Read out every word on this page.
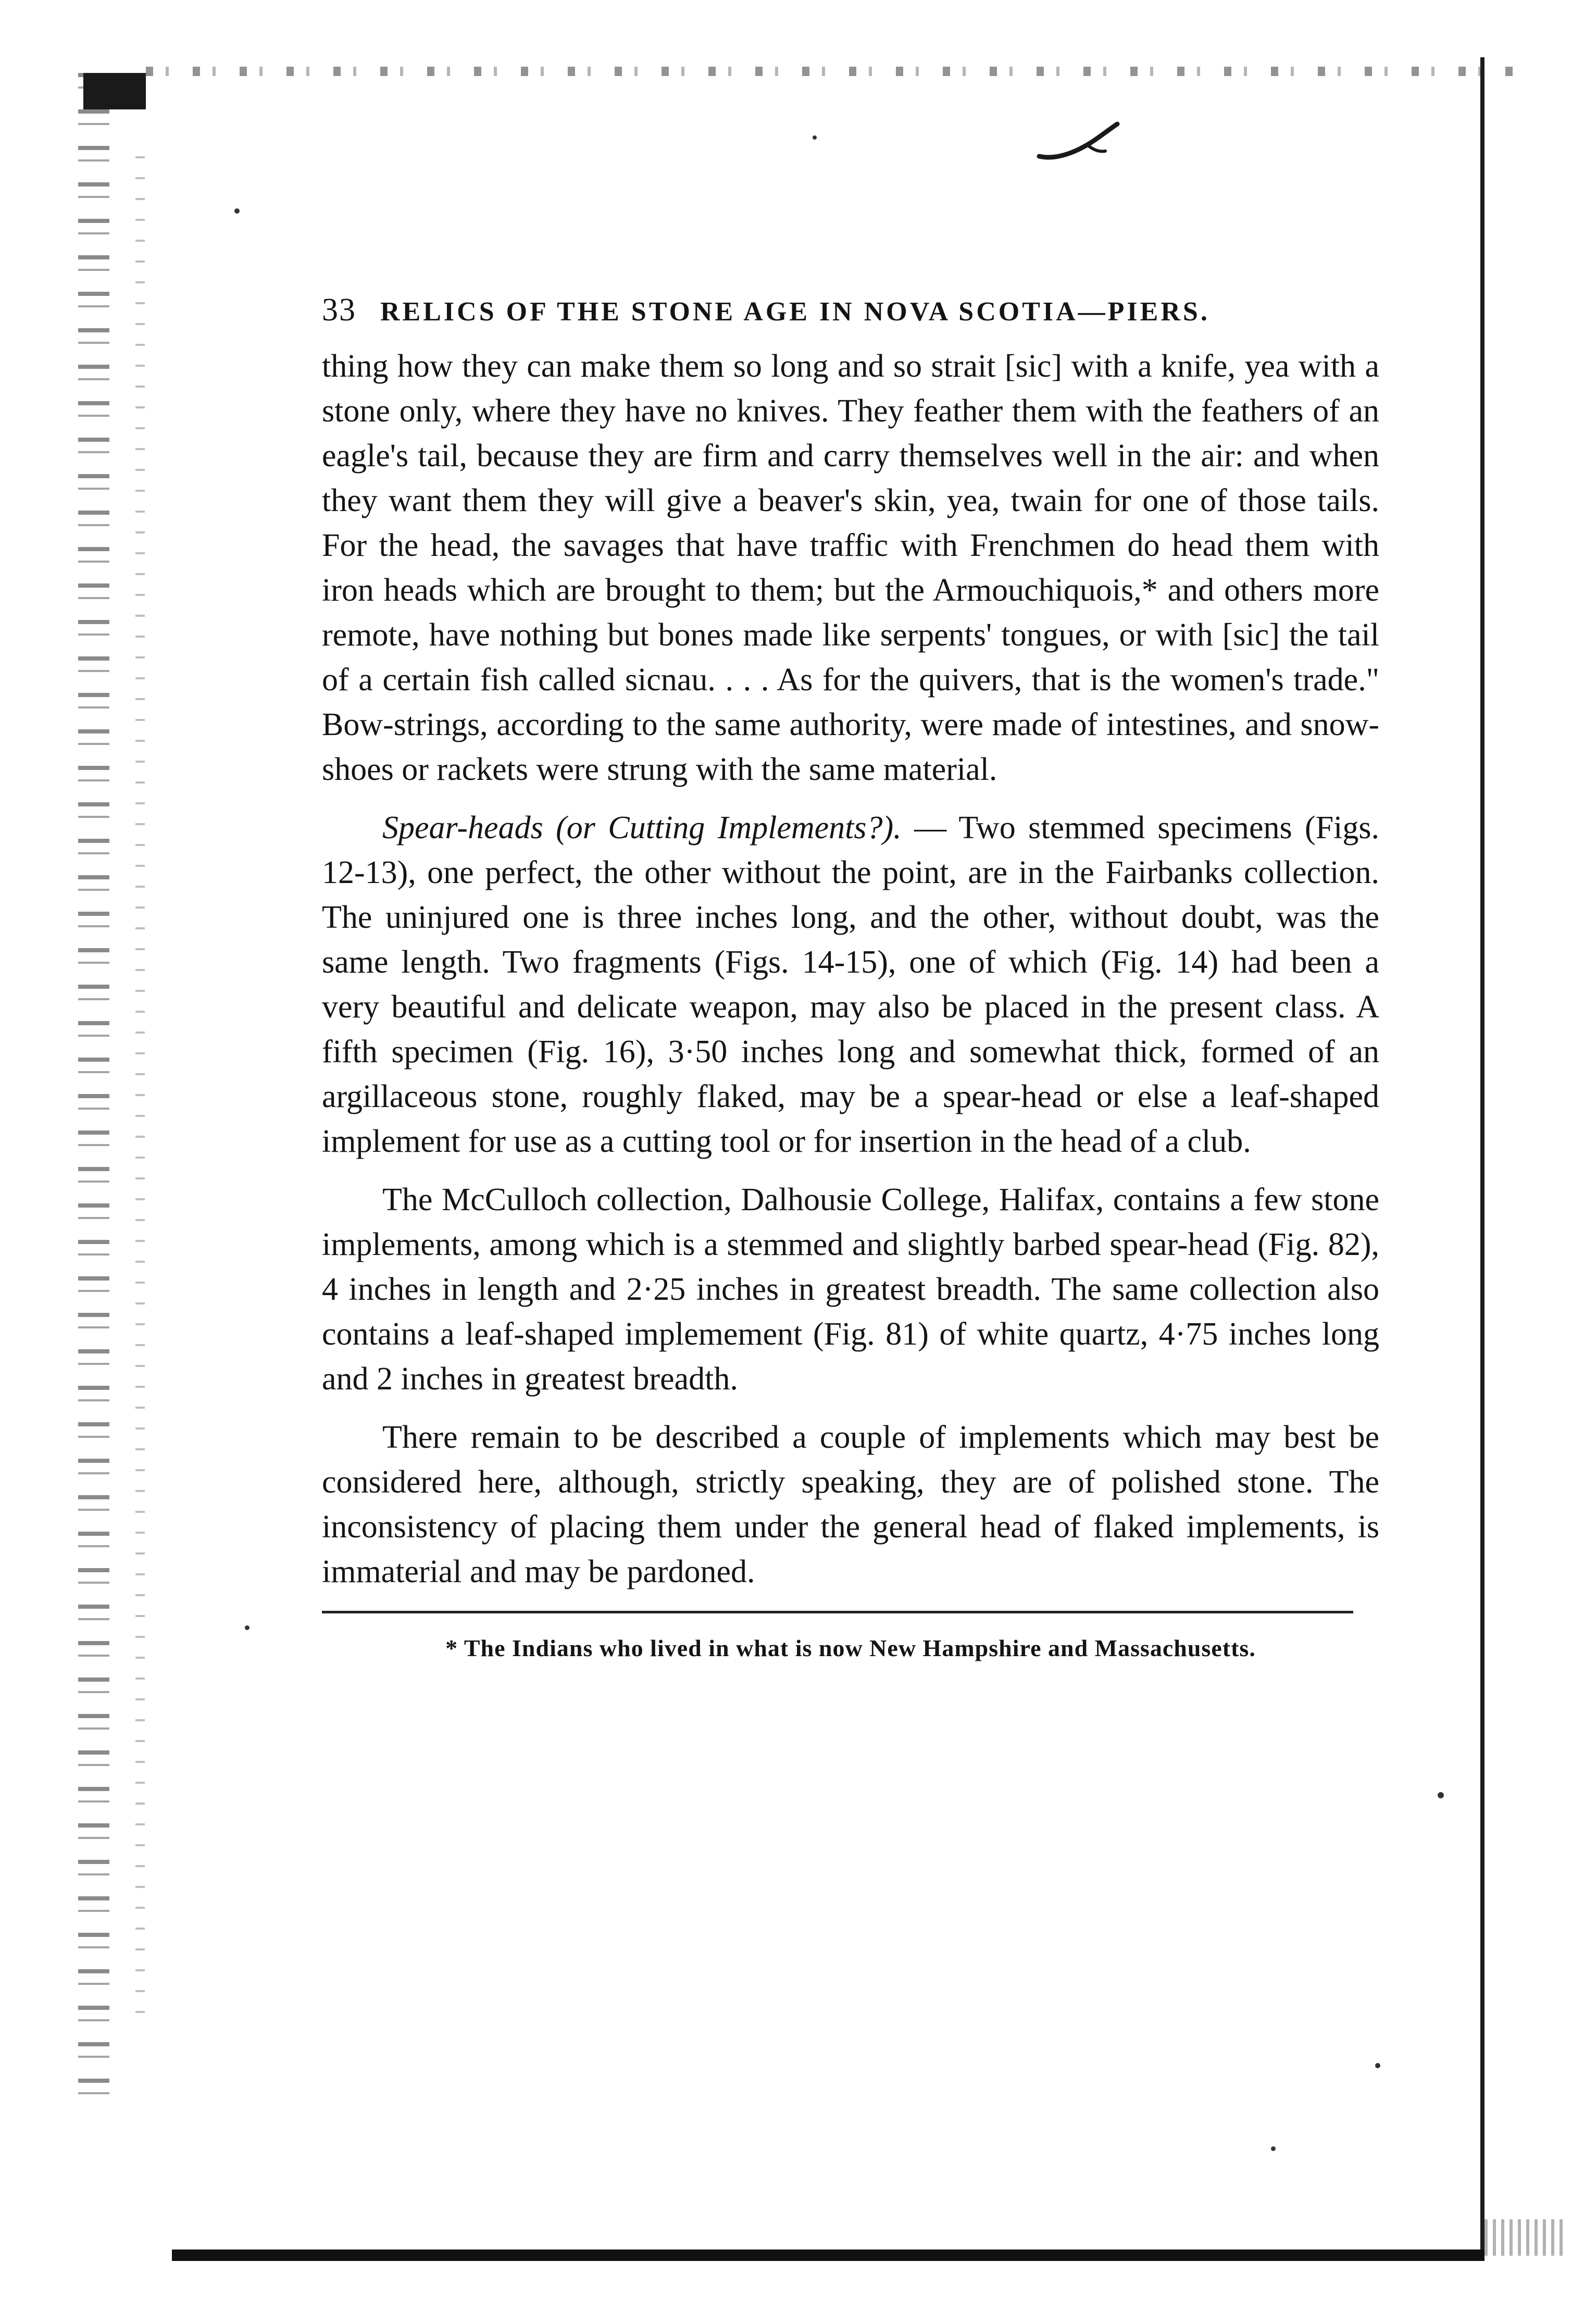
33 RELICS OF THE STONE AGE IN NOVA SCOTIA—PIERS.

thing how they can make them so long and so strait [sic] with a knife, yea with a stone only, where they have no knives. They feather them with the feathers of an eagle's tail, because they are firm and carry themselves well in the air: and when they want them they will give a beaver's skin, yea, twain for one of those tails. For the head, the savages that have traffic with Frenchmen do head them with iron heads which are brought to them; but the Armouchiquois,* and others more remote, have nothing but bones made like serpents' tongues, or with [sic] the tail of a certain fish called sicnau. . . . As for the quivers, that is the women's trade." Bow-strings, according to the same authority, were made of intestines, and snow-shoes or rackets were strung with the same material.

Spear-heads (or Cutting Implements?). — Two stemmed specimens (Figs. 12-13), one perfect, the other without the point, are in the Fairbanks collection. The uninjured one is three inches long, and the other, without doubt, was the same length. Two fragments (Figs. 14-15), one of which (Fig. 14) had been a very beautiful and delicate weapon, may also be placed in the present class. A fifth specimen (Fig. 16), 3·50 inches long and somewhat thick, formed of an argillaceous stone, roughly flaked, may be a spear-head or else a leaf-shaped implement for use as a cutting tool or for insertion in the head of a club.

The McCulloch collection, Dalhousie College, Halifax, contains a few stone implements, among which is a stemmed and slightly barbed spear-head (Fig. 82), 4 inches in length and 2·25 inches in greatest breadth. The same collection also contains a leaf-shaped implemement (Fig. 81) of white quartz, 4·75 inches long and 2 inches in greatest breadth.

There remain to be described a couple of implements which may best be considered here, although, strictly speaking, they are of polished stone. The inconsistency of placing them under the general head of flaked implements, is immaterial and may be pardoned.

* The Indians who lived in what is now New Hampshire and Massachusetts.
